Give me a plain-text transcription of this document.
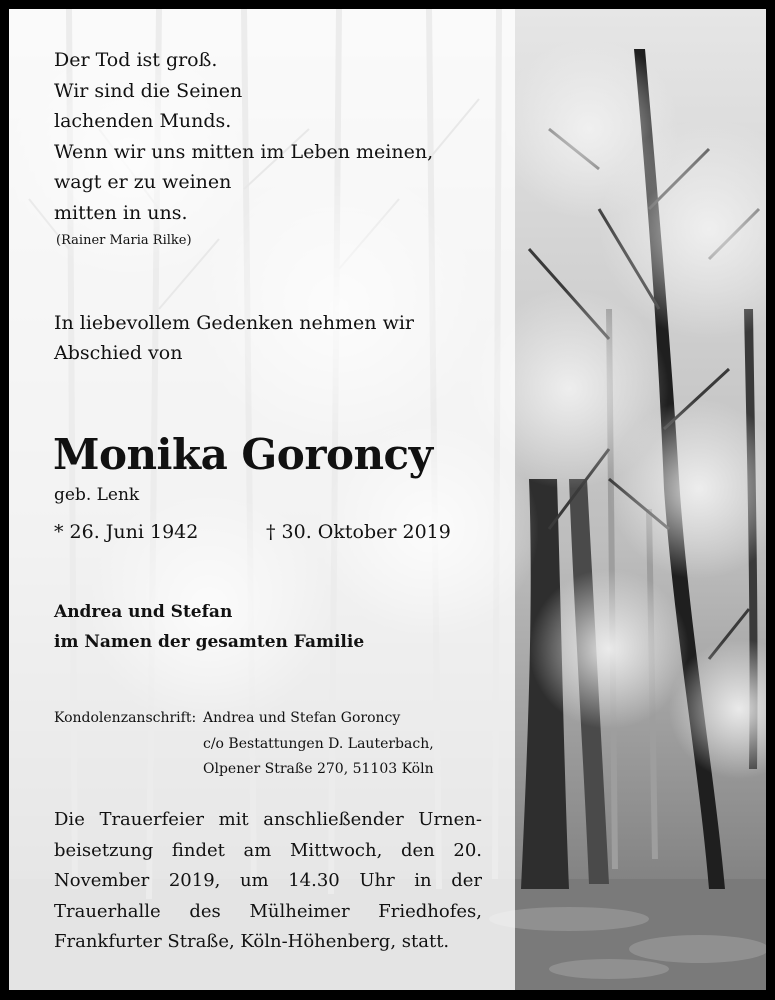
Der Tod ist groß.
Wir sind die Seinen
lachenden Munds.
Wenn wir uns mitten im Leben meinen,
wagt er zu weinen
mitten in uns.
(Rainer Maria Rilke)
In liebevollem Gedenken nehmen wir
Abschied von
Monika Goroncy
geb. Lenk
* 26. Juni 1942	† 30. Oktober 2019
Andrea und Stefan
im Namen der gesamten Familie
Kondolenzanschrift: Andrea und Stefan Goroncy
c/o Bestattungen D. Lauterbach,
Olpener Straße 270, 51103 Köln
Die Trauerfeier mit anschließender Urnenbeisetzung findet am Mittwoch, den 20. November 2019, um 14.30 Uhr in der Trauerhalle des Mülheimer Friedhofes, Frankfurter Straße, Köln-Höhenberg, statt.
